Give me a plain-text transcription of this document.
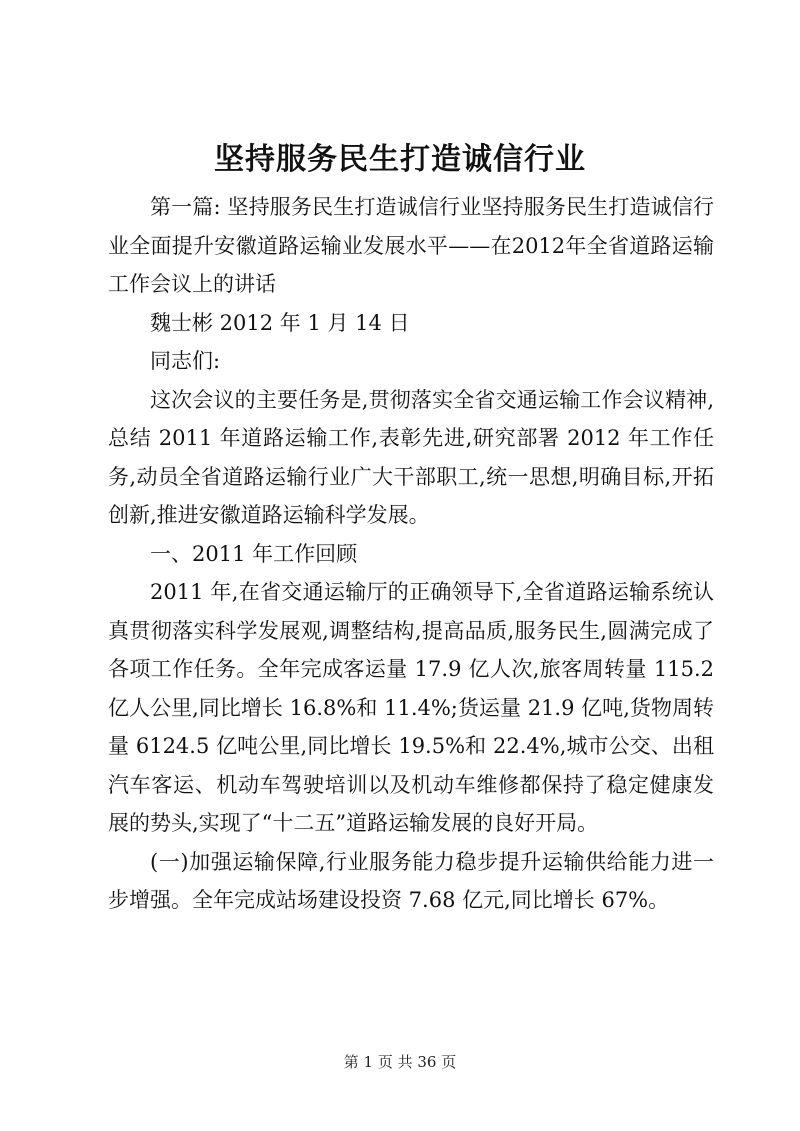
坚持服务民生打造诚信行业

第一篇: 坚持服务民生打造诚信行业坚持服务民生打造诚信行业全面提升安徽道路运输业发展水平——在2012年全省道路运输工作会议上的讲话

魏士彬 2012 年 1 月 14 日

同志们:

这次会议的主要任务是,贯彻落实全省交通运输工作会议精神,总结 2011 年道路运输工作,表彰先进,研究部署 2012 年工作任务,动员全省道路运输行业广大干部职工,统一思想,明确目标,开拓创新,推进安徽道路运输科学发展。

一、2011 年工作回顾

2011 年,在省交通运输厅的正确领导下,全省道路运输系统认真贯彻落实科学发展观,调整结构,提高品质,服务民生,圆满完成了各项工作任务。全年完成客运量 17.9 亿人次,旅客周转量 115.2 亿人公里,同比增长 16.8%和 11.4%;货运量 21.9 亿吨,货物周转量 6124.5 亿吨公里,同比增长 19.5%和 22.4%,城市公交、出租汽车客运、机动车驾驶培训以及机动车维修都保持了稳定健康发展的势头,实现了“十二五”道路运输发展的良好开局。

(一)加强运输保障,行业服务能力稳步提升运输供给能力进一步增强。全年完成站场建设投资 7.68 亿元,同比增长 67%。

第 1 页 共 36 页
